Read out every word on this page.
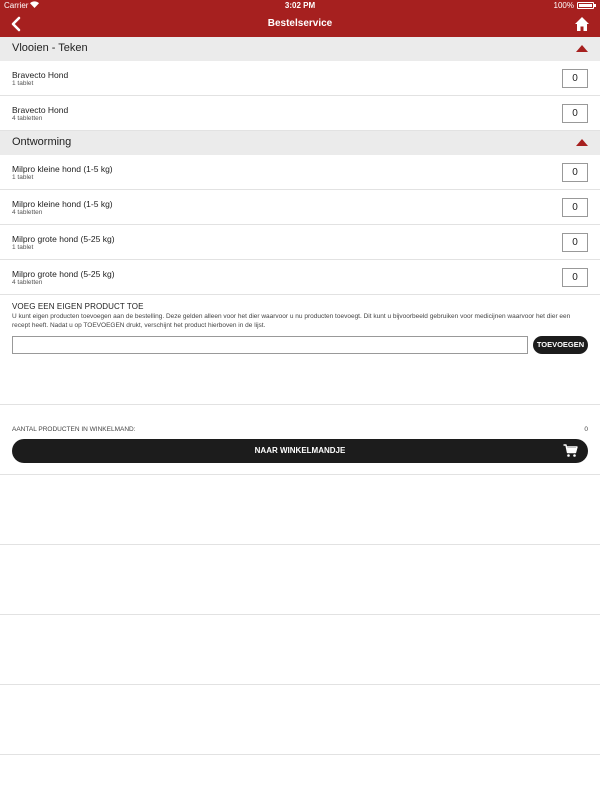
Carrier	3:02 PM	100%
Bestelservice
Vlooien - Teken
Bravecto Hond
1 tablet	0
Bravecto Hond
4 tabletten	0
Ontworming
Milpro kleine hond (1-5 kg)
1 tablet	0
Milpro kleine hond (1-5 kg)
4 tabletten	0
Milpro grote hond (5-25 kg)
1 tablet	0
Milpro grote hond (5-25 kg)
4 tabletten	0
VOEG EEN EIGEN PRODUCT TOE
U kunt eigen producten toevoegen aan de bestelling. Deze gelden alleen voor het dier waarvoor u nu producten toevoegt. Dit kunt u bijvoorbeeld gebruiken voor medicijnen waarvoor het dier een recept heeft. Nadat u op TOEVOEGEN drukt, verschijnt het product hierboven in de lijst.
TOEVOEGEN
AANTAL PRODUCTEN IN WINKELMAND:	0
NAAR WINKELMANDJE
